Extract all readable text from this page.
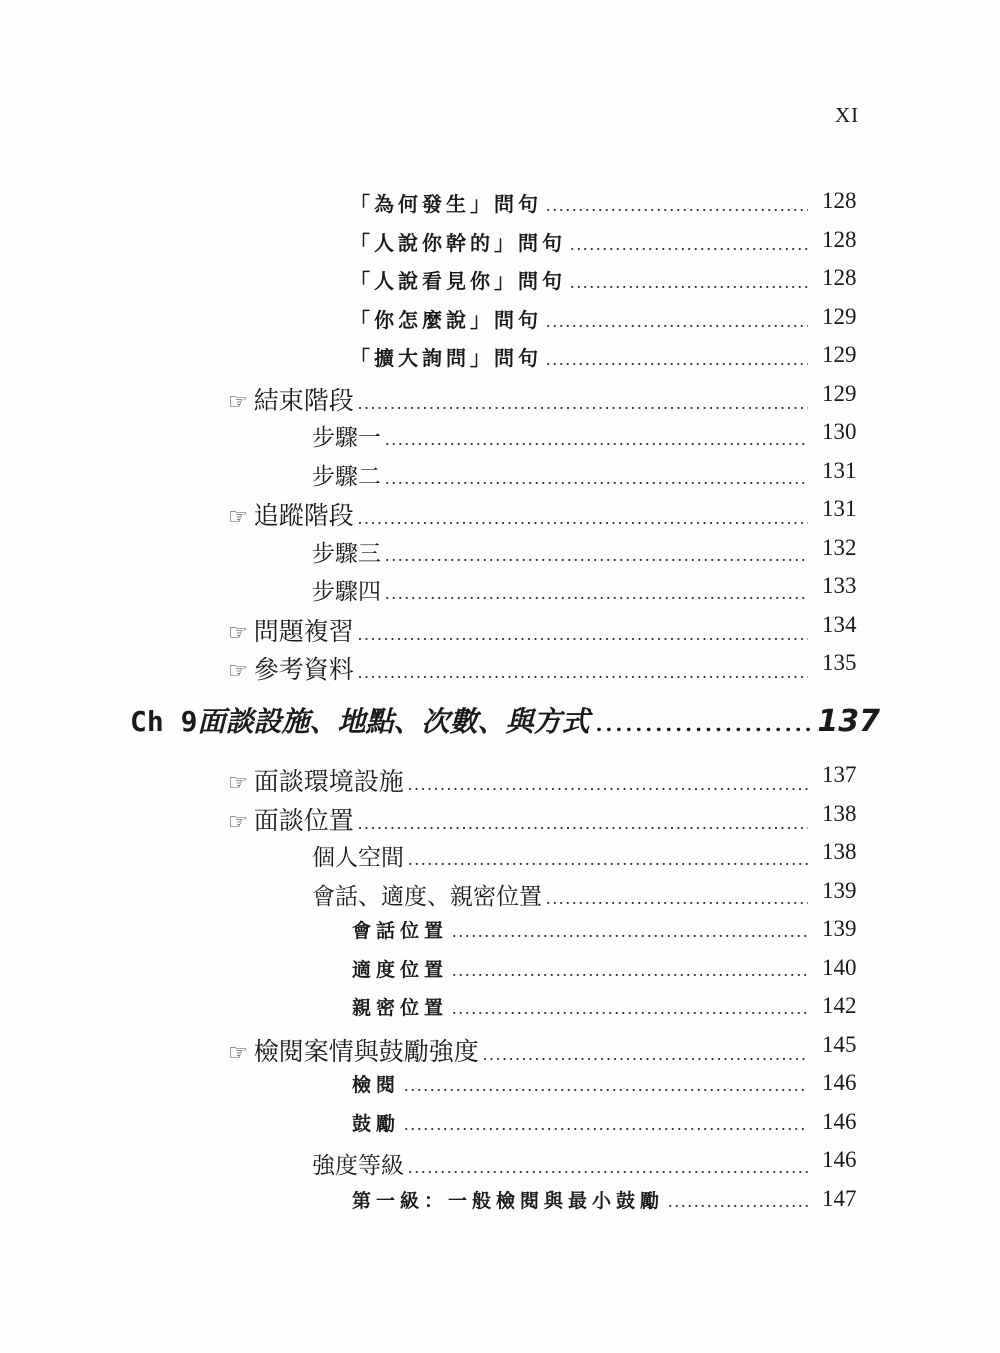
XI
「為何發生」問句 .....	128
「人說你幹的」問句 .....	128
「人說看見你」問句 .....	128
「你怎麼說」問句 .....	129
「擴大詢問」問句 .....	129
☞ 結束階段 .....	129
步驟一 .....	130
步驟二 .....	131
☞ 追蹤階段 .....	131
步驟三 .....	132
步驟四 .....	133
☞ 問題複習 .....	134
☞ 參考資料 .....	135
Ch 9 面談設施、地點、次數、與方式 .....	137
☞ 面談環境設施 .....	137
☞ 面談位置 .....	138
個人空間 .....	138
會話、適度、親密位置 .....	139
會話位置 .....	139
適度位置 .....	140
親密位置 .....	142
☞ 檢閱案情與鼓勵強度 .....	145
檢閱 .....	146
鼓勵 .....	146
強度等級 .....	146
第一級：一般檢閱與最小鼓勵 .....	147
